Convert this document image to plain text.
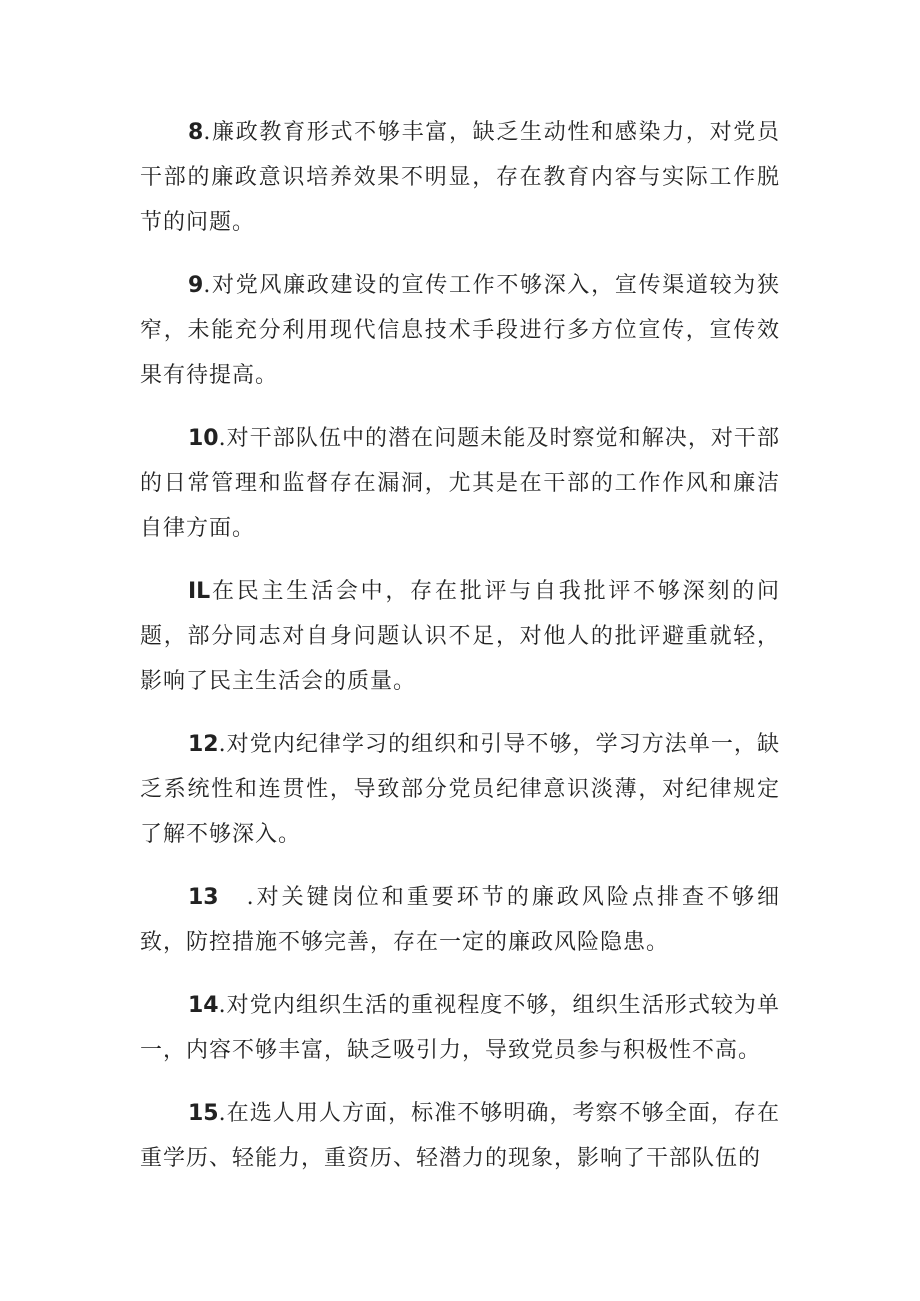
8.廉政教育形式不够丰富，缺乏生动性和感染力，对党员干部的廉政意识培养效果不明显，存在教育内容与实际工作脱节的问题。

9.对党风廉政建设的宣传工作不够深入，宣传渠道较为狭窄，未能充分利用现代信息技术手段进行多方位宣传，宣传效果有待提高。

10.对干部队伍中的潜在问题未能及时察觉和解决，对干部的日常管理和监督存在漏洞，尤其是在干部的工作作风和廉洁自律方面。

IL在民主生活会中，存在批评与自我批评不够深刻的问题，部分同志对自身问题认识不足，对他人的批评避重就轻，影响了民主生活会的质量。

12.对党内纪律学习的组织和引导不够，学习方法单一，缺乏系统性和连贯性，导致部分党员纪律意识淡薄，对纪律规定了解不够深入。

13 .对关键岗位和重要环节的廉政风险点排查不够细致，防控措施不够完善，存在一定的廉政风险隐患。

14.对党内组织生活的重视程度不够，组织生活形式较为单一，内容不够丰富，缺乏吸引力，导致党员参与积极性不高。

15.在选人用人方面，标准不够明确，考察不够全面，存在重学历、轻能力，重资历、轻潜力的现象，影响了干部队伍的
